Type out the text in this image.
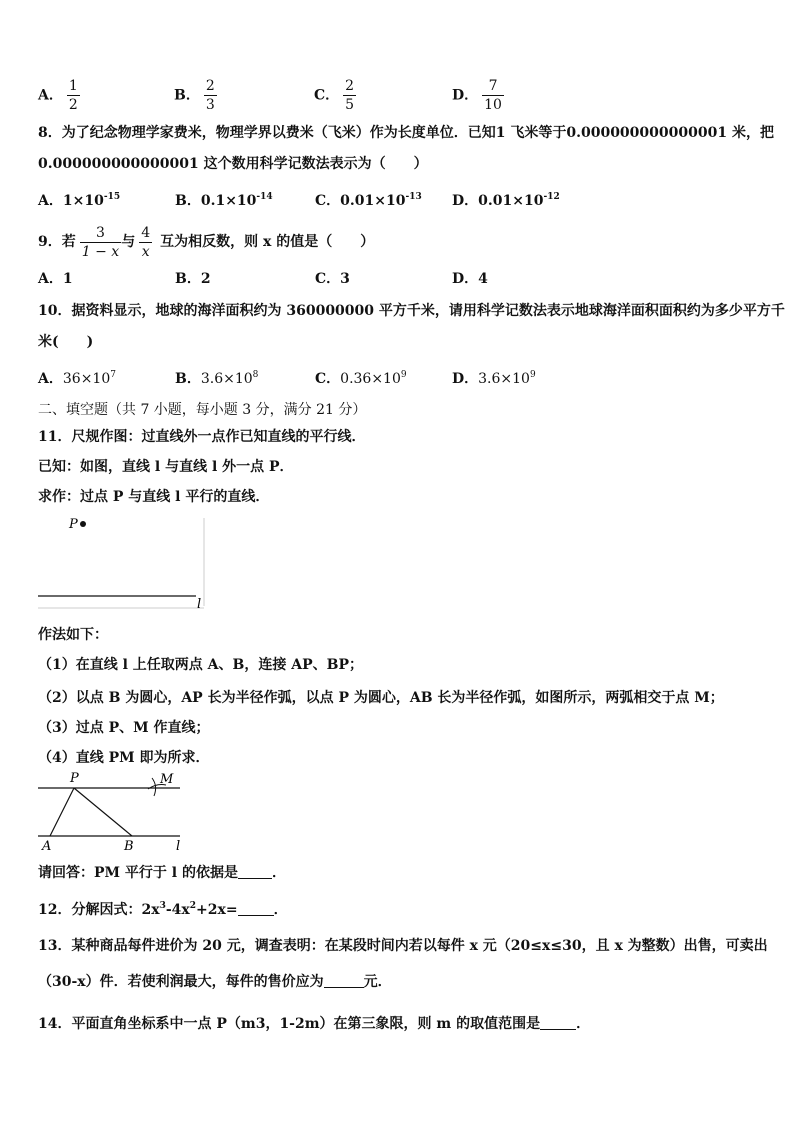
A． $\frac{1}{2}$	B． $\frac{2}{3}$	C． $\frac{2}{5}$	D． $\frac{7}{10}$
8．为了纪念物理学家费米，物理学界以费米（飞米）作为长度单位．已知1 飞米等于0.000000000000001 米，把
0.000000000000001 这个数用科学记数法表示为（　　）
A．$1\times 10^{-15}$	B．$0.1\times 10^{-14}$	C．$0.01\times 10^{-13}$ D．$0.01\times 10^{-12}$
9．若 $\frac{3}{1 - x}$ 与 $\frac{4}{x}$ 互为相反数，则 x 的值是（　　）
A．1	B．2	C．3	D．4
10．据资料显示，地球的海洋面积约为 360000000 平方千米，请用科学记数法表示地球海洋面积面积约为多少平方千
米(　　)
A．$36\times 10^7$	B．$3.6\times 10^8$	C．$0.36\times 10^9$	D．$3.6\times 10^9$
二、填空题（共 7 小题，每小题 3 分，满分 21 分）
11．尺规作图：过直线外一点作已知直线的平行线．
已知：如图，直线 l 与直线 l 外一点 P．
求作：过点 P 与直线 l 平行的直线．
P
l
作法如下：
（1）在直线 l 上任取两点 A、B，连接 AP、BP；
（2）以点 B 为圆心，AP 长为半径作弧，以点 P 为圆心，AB 长为半径作弧，如图所示，两弧相交于点 M；
（3）过点 P、M 作直线；
（4）直线 PM 即为所求．
P	M
A	B	l
请回答：PM 平行于 l 的依据是 ．
12．分解因式：$2x^3-4x^2+2x=$	．
13．某种商品每件进价为 20 元，调查表明：在某段时间内若以每件 x 元（20≤x≤30，且 x 为整数）出售，可卖出
（30-x）件．若使利润最大，每件的售价应为	元．
14．平面直角坐标系中一点 P（m3，1-2m）在第三象限，则 m 的取值范围是	．
